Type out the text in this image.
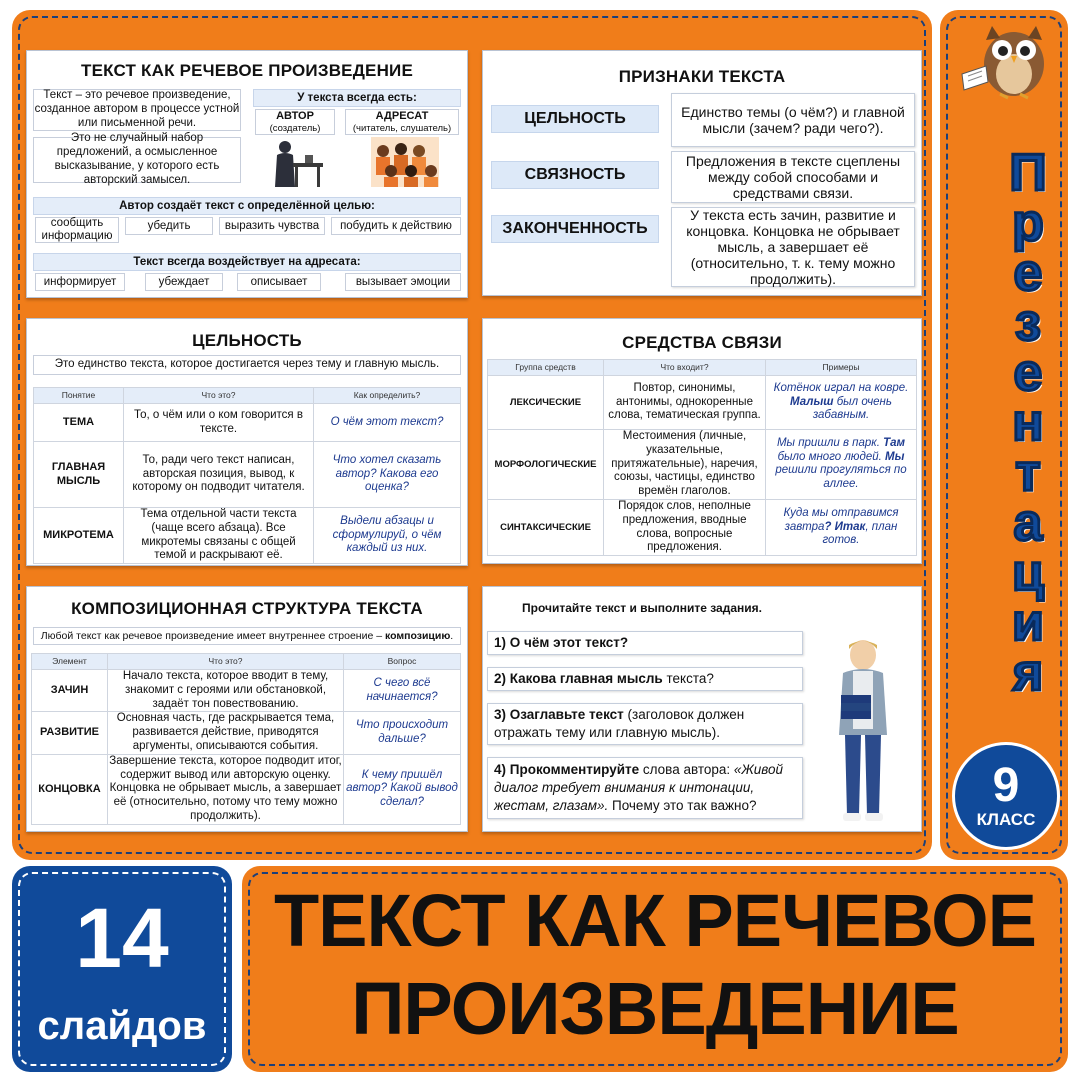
ТЕКСТ КАК РЕЧЕВОЕ ПРОИЗВЕДЕНИЕ
Текст – это речевое произведение, созданное автором в процессе устной или письменной речи.
Это не случайный набор предложений, а осмысленное высказывание, у которого есть авторский замысел.
У текста всегда есть:
АВТОР
(создатель)
АДРЕСАТ
(читатель, слушатель)
Автор создаёт текст с определённой целью:
сообщить информацию
убедить	выразить чувства	побудить к действию
Текст всегда воздействует на адресата:
информирует	убеждает	описывает	вызывает эмоции
ПРИЗНАКИ ТЕКСТА
ЦЕЛЬНОСТЬ	Единство темы (о чём?) и главной мысли (зачем? ради чего?).
СВЯЗНОСТЬ
Предложения в тексте сцеплены между собой способами и средствами связи.
ЗАКОНЧЕННОСТЬ
У текста есть зачин, развитие и концовка. Концовка не обрывает мысль, а завершает её (относительно, т. к. тему можно продолжить).
ЦЕЛЬНОСТЬ
Это единство текста, которое достигается через тему и главную мысль.
Понятие	Что это?	Как определить?
ТЕМА	То, о чём или о ком говорится в тексте.	О чём этот текст?
ГЛАВНАЯ МЫСЛЬ	То, ради чего текст написан, авторская позиция, вывод, к которому он подводит читателя.	Что хотел сказать автор? Какова его оценка?
МИКРОТЕМА	Тема отдельной части текста (чаще всего абзаца). Все микротемы связаны с общей темой и раскрывают её.	Выдели абзацы и сформулируй, о чём каждый из них.
СРЕДСТВА СВЯЗИ
Группа средств	Что входит?	Примеры
ЛЕКСИЧЕСКИЕ	Повтор, синонимы, антонимы, однокоренные слова, тематическая группа.	Котёнок играл на ковре. Малыш был очень забавным.
МОРФОЛОГИЧЕСКИЕ	Местоимения (личные, указательные, притяжательные), наречия, союзы, частицы, единство времён глаголов.	Мы пришли в парк. Там было много людей. Мы решили прогуляться по аллее.
СИНТАКСИЧЕСКИЕ	Порядок слов, неполные предложения, вводные слова, вопросные предложения.	Куда мы отправимся завтра? Итак, план готов.
КОМПОЗИЦИОННАЯ СТРУКТУРА ТЕКСТА
Любой текст как речевое произведение имеет внутреннее строение – композицию.
Элемент	Что это?	Вопрос
ЗАЧИН	Начало текста, которое вводит в тему, знакомит с героями или обстановкой, задаёт тон повествованию.	С чего всё начинается?
РАЗВИТИЕ	Основная часть, где раскрывается тема, развивается действие, приводятся аргументы, описываются события.	Что происходит дальше?
КОНЦОВКА	Завершение текста, которое подводит итог, содержит вывод или авторскую оценку. Концовка не обрывает мысль, а завершает её (относительно, потому что тему можно продолжить).	К чему пришёл автор? Какой вывод сделал?
Прочитайте текст и выполните задания.
1) О чём этот текст?
2) Какова главная мысль текста?
3) Озаглавьте текст (заголовок должен отражать тему или главную мысль).
4) Прокомментируйте слова автора: «Живой диалог требует внимания к интонации, жестам, глазам». Почему это так важно?
Презентация
9
КЛАСС
14
слайдов
ТЕКСТ КАК РЕЧЕВОЕ
ПРОИЗВЕДЕНИЕ
